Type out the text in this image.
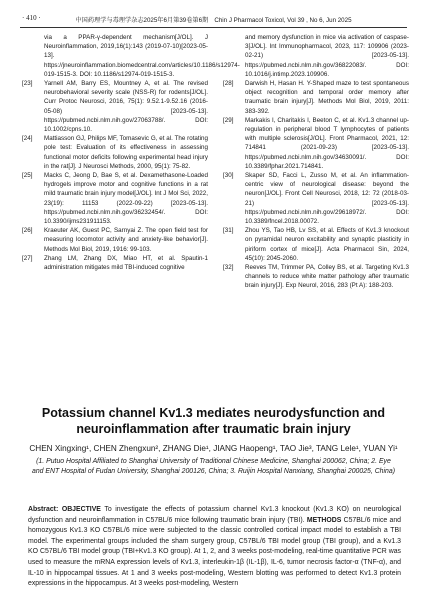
· 410 ·	中国药理学与毒理学杂志2025年6月第39卷第6期　Chin J Pharmacol Toxicol, Vol 39 , No 6, Jun 2025
via a PPAR-γ-dependent mechanism[J/OL]. J Neuroinflammation, 2019,16(1):143 (2019-07-10)[2023-05-13]. https://jneuroinflammation.biomedcentral.com/articles/10.1186/s12974-019-1515-3. DOI: 10.1186/s12974-019-1515-3.
[23] Yarnell AM, Barry ES, Mountney A, et al. The revised neurobehavioral severity scale (NSS-R) for rodents[J/OL]. Curr Protoc Neurosci, 2016, 75(1): 9.52.1-9.52.16 (2016-05-08) [2023-05-13]. https://pubmed.ncbi.nlm.nih.gov/27063788/. DOI: 10.1002/cpns.10.
[24] Mattiasson GJ, Philips MF, Tomasevic G, et al. The rotating pole test: Evaluation of its effectiveness in assessing functional motor deficits following experimental head injury in the rat[J]. J Neurosci Methods, 2000, 95(1): 75-82.
[25] Macks C, Jeong D, Bae S, et al. Dexamethasone-Loaded hydrogels improve motor and cognitive functions in a rat mild traumatic brain injury model[J/OL]. Int J Mol Sci, 2022, 23(19): 11153 (2022-09-22) [2023-05-13]. https://pubmed.ncbi.nlm.nih.gov/36232454/. DOI: 10.3390/ijms231911153.
[26] Kraeuter AK, Guest PC, Sarnyai Z. The open field test for measuring locomotor activity and anxiety-like behavior[J]. Methods Mol Biol, 2019, 1916: 99-103.
[27] Zhang LM, Zhang DX, Miao HT, et al. Spautin-1 administration mitigates mild TBI-induced cognitive
and memory dysfunction in mice via activation of caspase-3[J/OL]. Int Immunopharmacol, 2023, 117: 109906 (2023-02-21) [2023-05-13]. https://pubmed.ncbi.nlm.nih.gov/36822083/. DOI: 10.1016/j.intimp.2023.109906.
[28] Darwish H, Hasan H. Y-Shaped maze to test spontaneous object recognition and temporal order memory after traumatic brain injury[J]. Methods Mol Biol, 2019, 2011: 383-392.
[29] Markakis I, Charitakis I, Beeton C, et al. Kv1.3 channel up-regulation in peripheral blood T lymphocytes of patients with multiple sclerosis[J/OL]. Front Pharmacol, 2021, 12: 714841 (2021-09-23) [2023-05-13]. https://pubmed.ncbi.nlm.nih.gov/34630091/. DOI: 10.3389/fphar.2021.714841.
[30] Skaper SD, Facci L, Zusso M, et al. An inflammation-centric view of neurological disease: beyond the neuron[J/OL]. Front Cell Neurosci, 2018, 12: 72 (2018-03-21) [2023-05-13]. https://pubmed.ncbi.nlm.nih.gov/29618972/. DOI: 10.3389/fncel.2018.00072.
[31] Zhou YS, Tao HB, Lv SS, et al. Effects of Kv1.3 knockout on pyramidal neuron excitability and synaptic plasticity in piriform cortex of mice[J]. Acta Pharmacol Sin, 2024, 45(10): 2045-2060.
[32] Reeves TM, Trimmer PA, Colley BS, et al. Targeting Kv1.3 channels to reduce white matter pathology after traumatic brain injury[J]. Exp Neurol, 2016, 283 (Pt A): 188-203.
Potassium channel Kv1.3 mediates neurodysfunction and neuroinflammation after traumatic brain injury
CHEN Xingxing¹, CHEN Zhengxun², ZHANG Die¹, JIANG Haopeng¹, TAO Jie³, TANG Lele¹, YUAN Yi¹
(1. Putuo Hospital Affiliated to Shanghai University of Traditional Chinese Medicine, Shanghai 200062, China; 2. Eye and ENT Hospital of Fudan University, Shanghai 200126, China; 3. Ruijin Hospital Nanxiang, Shanghai 200025, China)
Abstract: OBJECTIVE To investigate the effects of potassium channel Kv1.3 knockout (Kv1.3 KO) on neurological dysfunction and neuroinflammation in C57BL/6 mice following traumatic brain injury (TBI). METHODS C57BL/6 mice and homozygous Kv1.3 KO C57BL/6 mice were subjected to the classic controlled cortical impact model to establish a TBI model. The experimental groups included the sham surgery group, C57BL/6 TBI model group (TBI group), and a Kv1.3 KO C57BL/6 TBI model group (TBI+Kv1.3 KO group). At 1, 2, and 3 weeks post-modeling, real-time quantitative PCR was used to measure the mRNA expression levels of Kv1.3, interleukin-1β (IL-1β), IL-6, tumor necrosis factor-α (TNF-α), and IL-10 in hippocampal tissues. At 1 and 3 weeks post-modeling, Western blotting was performed to detect Kv1.3 protein expressions in the hippocampus. At 3 weeks post-modeling, Western
